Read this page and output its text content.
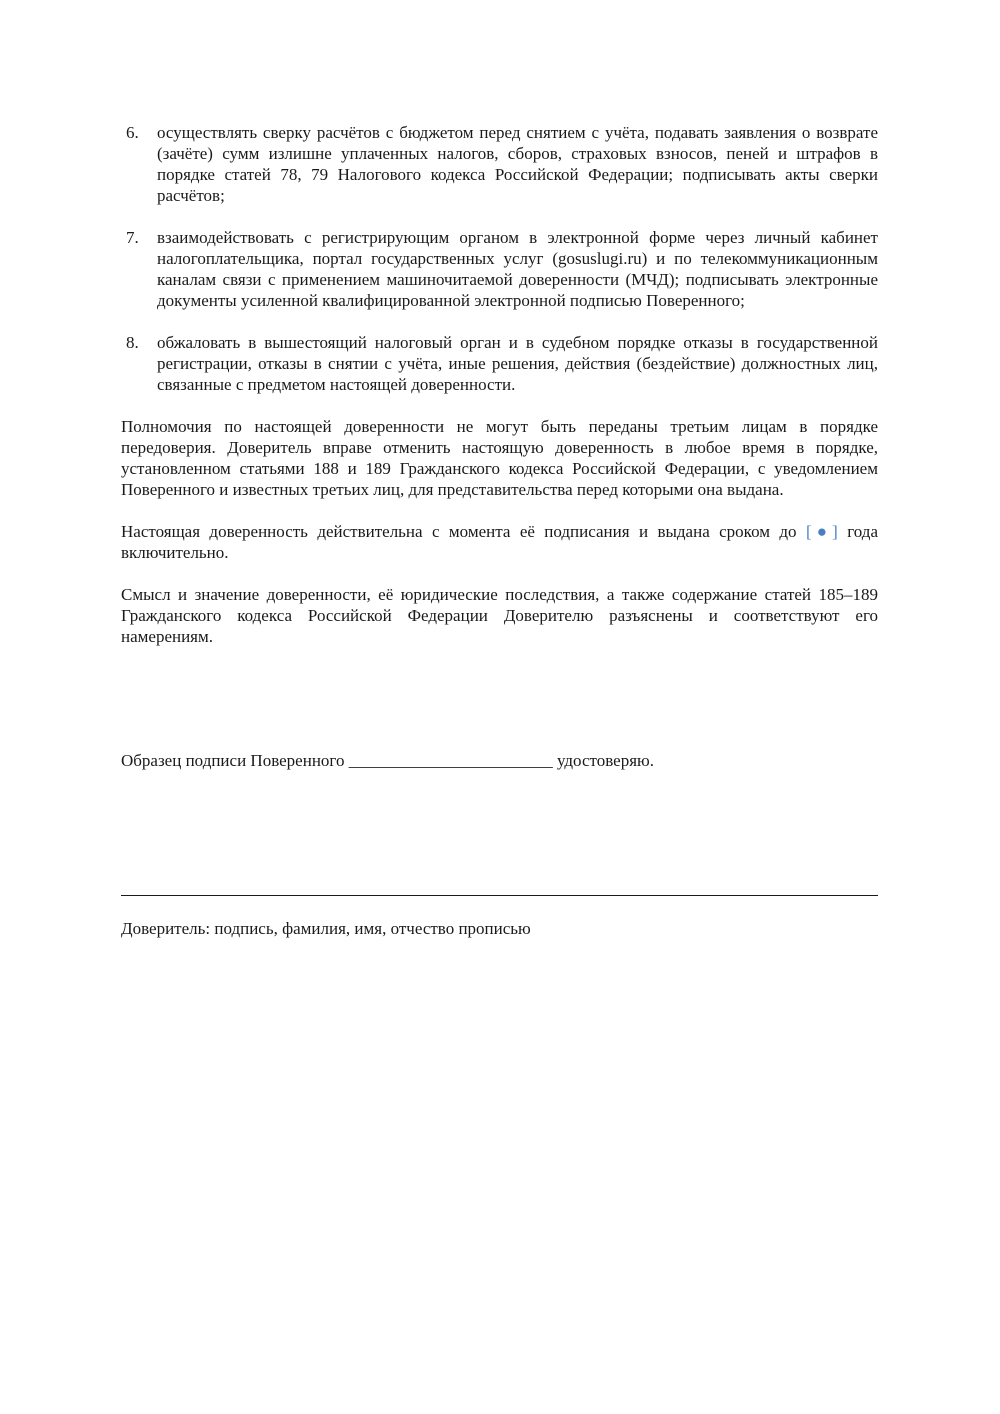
6.	осуществлять сверку расчётов с бюджетом перед снятием с учёта, подавать заявления о возврате (зачёте) сумм излишне уплаченных налогов, сборов, страховых взносов, пеней и штрафов в порядке статей 78, 79 Налогового кодекса Российской Федерации; подписывать акты сверки расчётов;
7.	взаимодействовать с регистрирующим органом в электронной форме через личный кабинет налогоплательщика, портал государственных услуг (gosuslugi.ru) и по телекоммуникационным каналам связи с применением машиночитаемой доверенности (МЧД); подписывать электронные документы усиленной квалифицированной электронной подписью Поверенного;
8.	обжаловать в вышестоящий налоговый орган и в судебном порядке отказы в государственной регистрации, отказы в снятии с учёта, иные решения, действия (бездействие) должностных лиц, связанные с предметом настоящей доверенности.

Полномочия по настоящей доверенности не могут быть переданы третьим лицам в порядке передоверия. Доверитель вправе отменить настоящую доверенность в любое время в порядке, установленном статьями 188 и 189 Гражданского кодекса Российской Федерации, с уведомлением Поверенного и известных третьих лиц, для представительства перед которыми она выдана.

Настоящая доверенность действительна с момента её подписания и выдана сроком до [●] года включительно.

Смысл и значение доверенности, её юридические последствия, а также содержание статей 185–189 Гражданского кодекса Российской Федерации Доверителю разъяснены и соответствуют его намерениям.

Образец подписи Поверенного ________________________ удостоверяю.
Доверитель: подпись, фамилия, имя, отчество прописью
